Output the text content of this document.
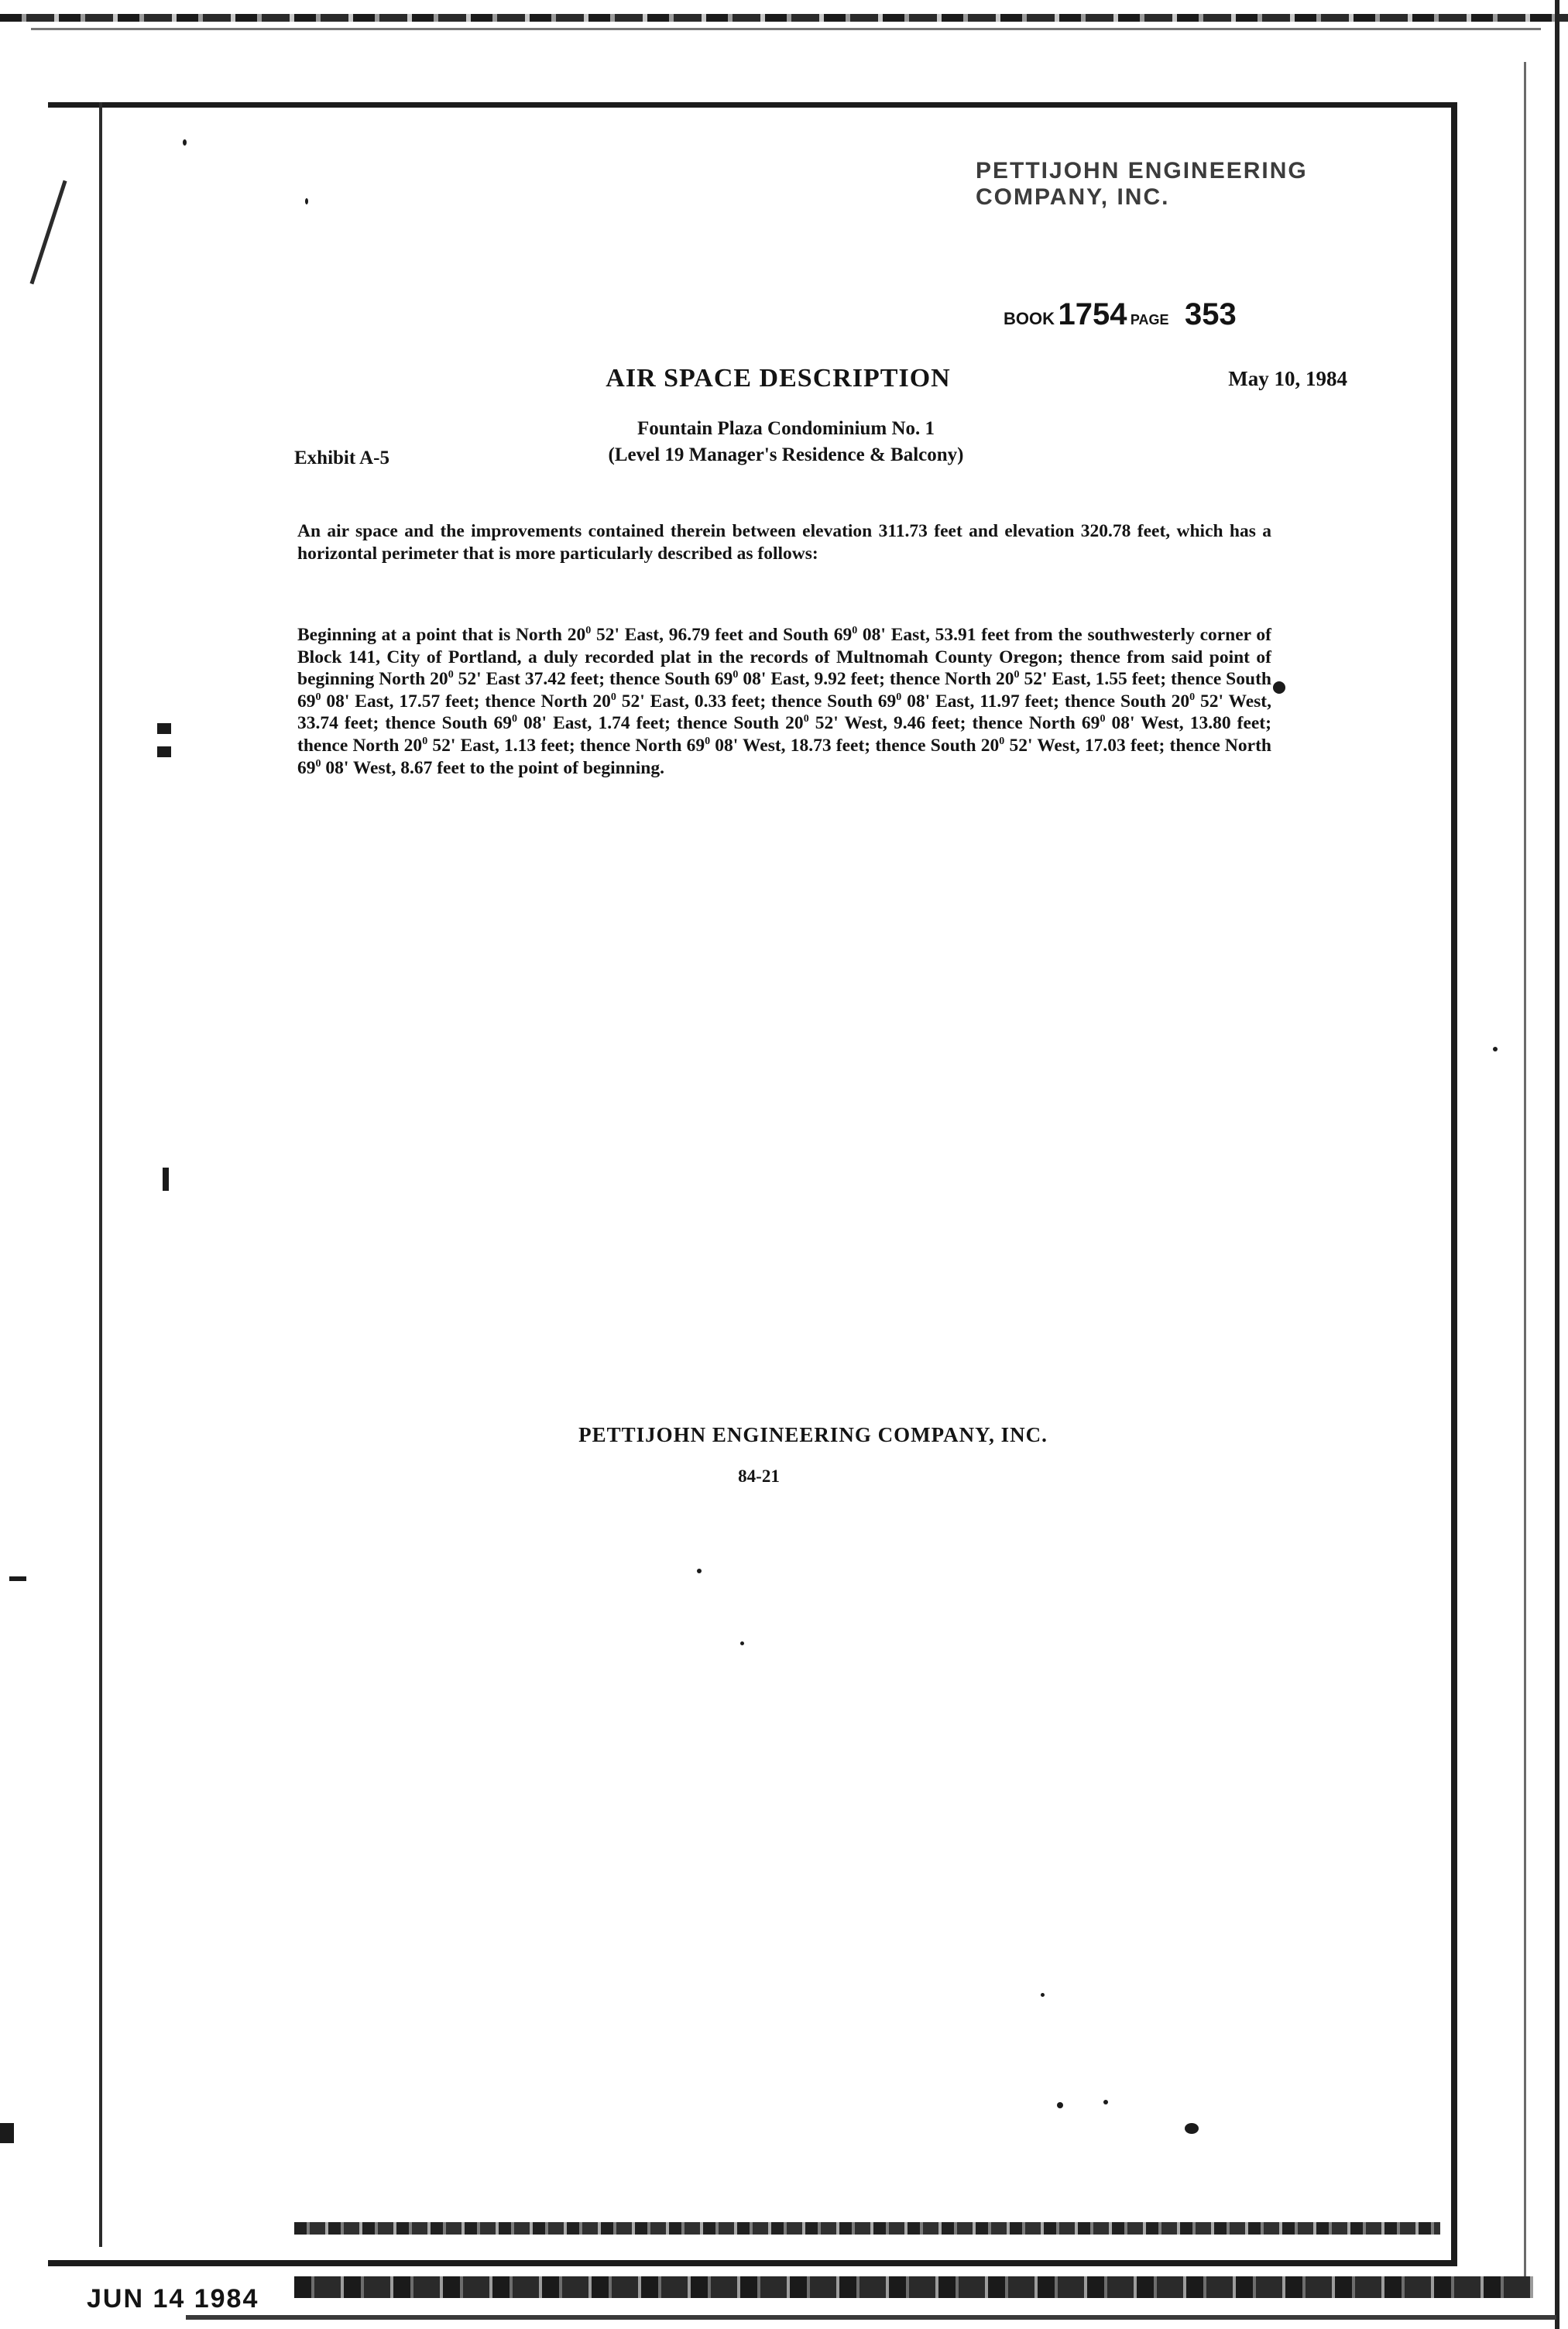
PETTIJOHN ENGINEERING COMPANY, INC.
BOOK 1754 PAGE 353
AIR SPACE DESCRIPTION	May 10, 1984
Fountain Plaza Condominium No. 1
(Level 19 Manager's Residence & Balcony)
Exhibit A-5
An air space and the improvements contained therein between elevation 311.73 feet and elevation 320.78 feet, which has a horizontal perimeter that is more particularly described as follows:
Beginning at a point that is North $20^0$ 52' East, 96.79 feet and South $69^0$ 08' East, 53.91 feet from the southwesterly corner of Block 141, City of Portland, a duly recorded plat in the records of Multnomah County Oregon; thence from said point of beginning North $20^0$ 52' East 37.42 feet; thence South $69^0$ 08' East, 9.92 feet; thence North $20^0$ 52' East, 1.55 feet; thence South $69^0$ 08' East, 17.57 feet; thence North $20^0$ 52' East, 0.33 feet; thence South $69^0$ 08' East, 11.97 feet; thence South $20^0$ 52' West, 33.74 feet; thence South $69^0$ 08' East, 1.74 feet; thence South $20^0$ 52' West, 9.46 feet; thence North $69^0$ 08' West, 13.80 feet; thence North $20^0$ 52' East, 1.13 feet; thence North $69^0$ 08' West, 18.73 feet; thence South $20^0$ 52' West, 17.03 feet; thence North $69^0$ 08' West, 8.67 feet to the point of beginning.
PETTIJOHN ENGINEERING COMPANY, INC.
84-21
JUN 14 1984
